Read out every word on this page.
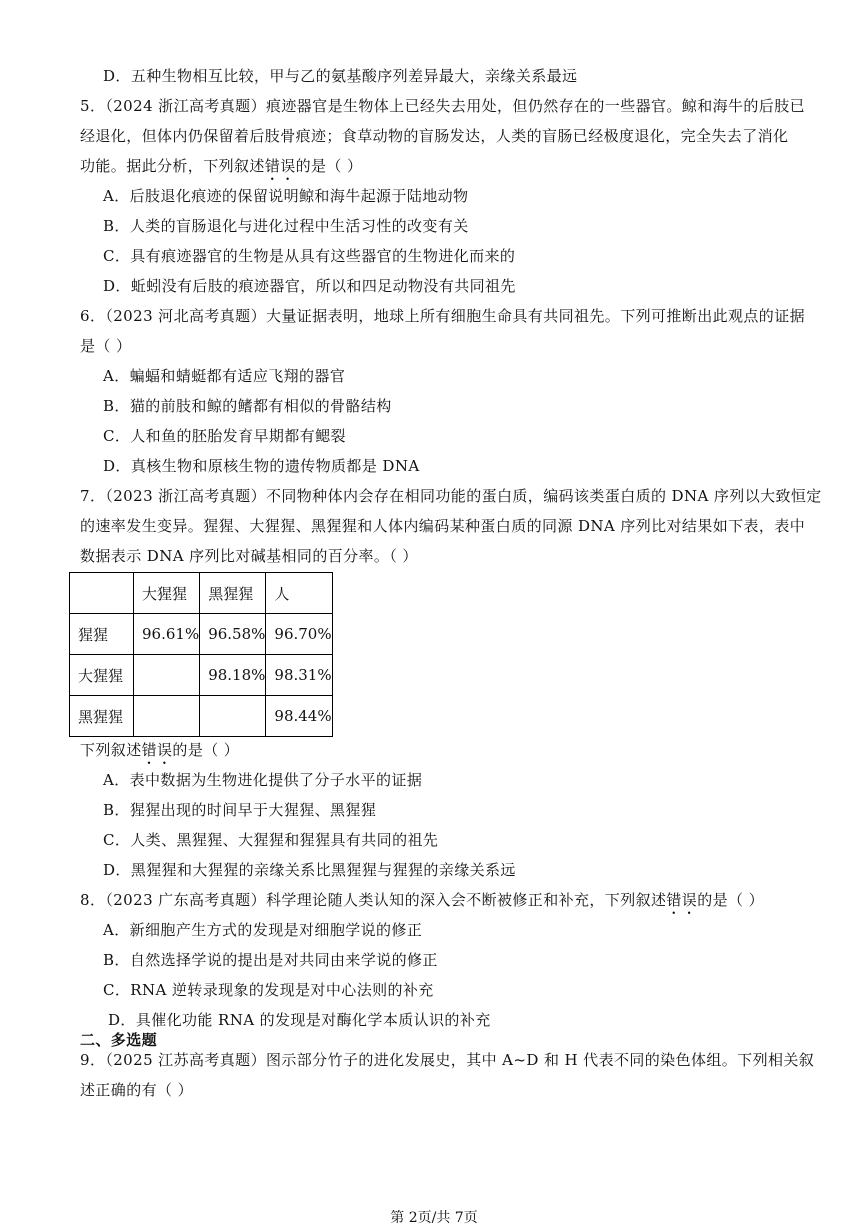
D．五种生物相互比较，甲与乙的氨基酸序列差异最大，亲缘关系最远
5．（2024 浙江高考真题）痕迹器官是生物体上已经失去用处，但仍然存在的一些器官。鲸和海牛的后肢已
经退化，但体内仍保留着后肢骨痕迹；食草动物的盲肠发达，人类的盲肠已经极度退化，完全失去了消化
功能。据此分析，下列叙述错误的是（ ）
A．后肢退化痕迹的保留说明鲸和海牛起源于陆地动物
B．人类的盲肠退化与进化过程中生活习性的改变有关
C．具有痕迹器官的生物是从具有这些器官的生物进化而来的
D．蚯蚓没有后肢的痕迹器官，所以和四足动物没有共同祖先
6．（2023 河北高考真题）大量证据表明，地球上所有细胞生命具有共同祖先。下列可推断出此观点的证据
是（ ）
A．蝙蝠和蜻蜓都有适应飞翔的器官
B．猫的前肢和鲸的鳍都有相似的骨骼结构
C．人和鱼的胚胎发育早期都有鳃裂
D．真核生物和原核生物的遗传物质都是 DNA
7．（2023 浙江高考真题）不同物种体内会存在相同功能的蛋白质，编码该类蛋白质的 DNA 序列以大致恒定
的速率发生变异。猩猩、大猩猩、黑猩猩和人体内编码某种蛋白质的同源 DNA 序列比对结果如下表，表中
数据表示 DNA 序列比对碱基相同的百分率。（ ）
	大猩猩	黑猩猩	人
猩猩	96.61%	96.58%	96.70%
大猩猩		98.18%	98.31%
黑猩猩			98.44%
下列叙述错误的是（ ）
A．表中数据为生物进化提供了分子水平的证据
B．猩猩出现的时间早于大猩猩、黑猩猩
C．人类、黑猩猩、大猩猩和猩猩具有共同的祖先
D．黑猩猩和大猩猩的亲缘关系比黑猩猩与猩猩的亲缘关系远
8．（2023 广东高考真题）科学理论随人类认知的深入会不断被修正和补充，下列叙述错误的是（ ）
A．新细胞产生方式的发现是对细胞学说的修正
B．自然选择学说的提出是对共同由来学说的修正
C．RNA 逆转录现象的发现是对中心法则的补充
D．具催化功能 RNA 的发现是对酶化学本质认识的补充
二、多选题
9．（2025 江苏高考真题）图示部分竹子的进化发展史，其中 A~D 和 H 代表不同的染色体组。下列相关叙
述正确的有（ ）
第 2页/共 7页
